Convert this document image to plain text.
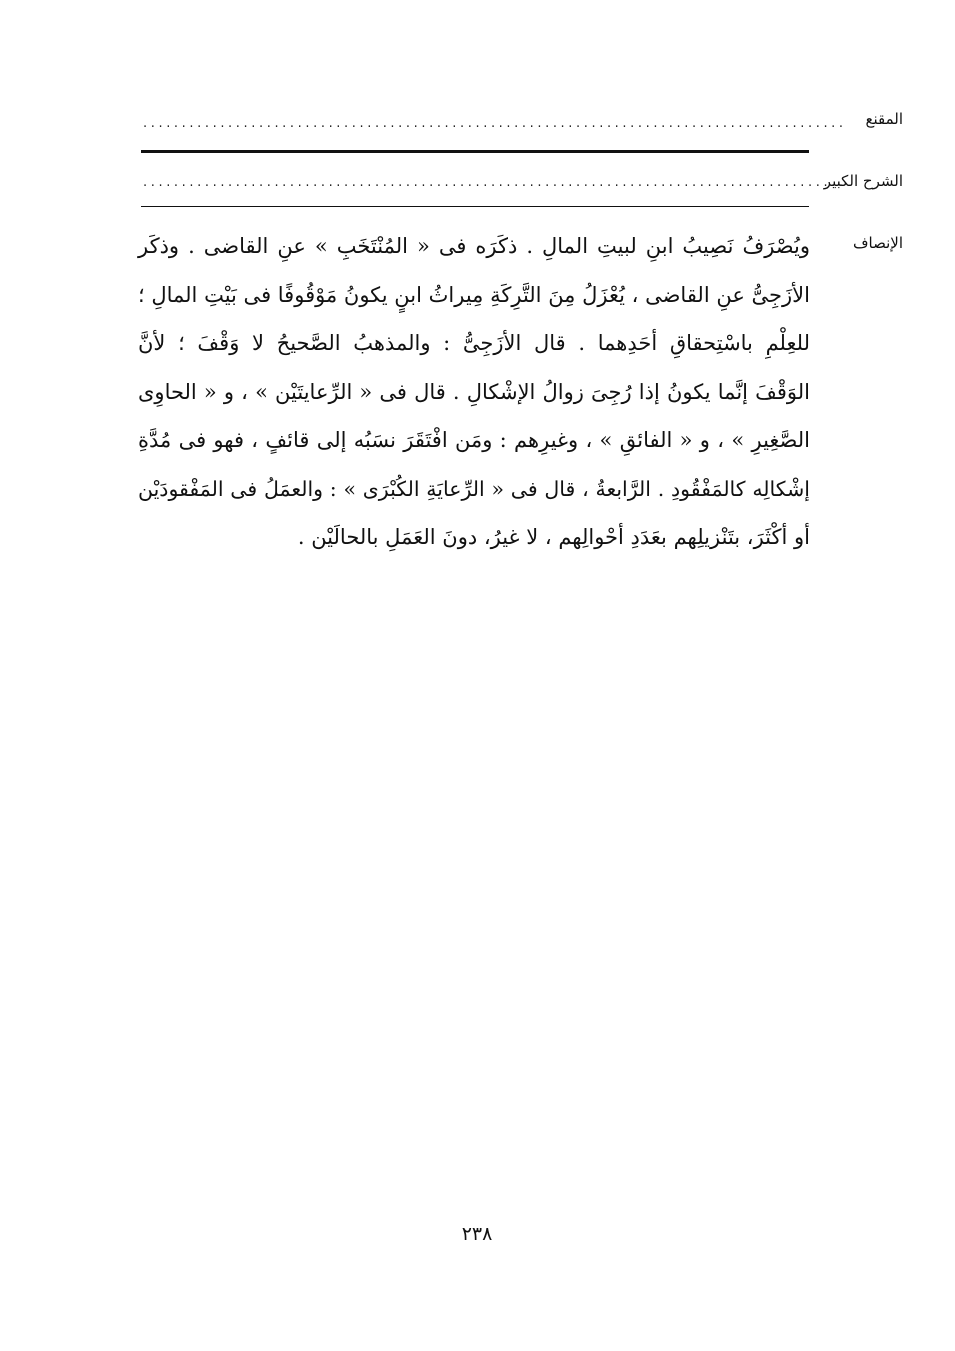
المقنع
...........................................................................................
الشرح الكبير
...........................................................................................
الإنصاف
ويُصْرَفُ نَصِيبُ ابنِ لبيتِ المالِ . ذكَرَه فى « المُنْتَخَبِ » عنِ القاضى . وذكَر
الأزَجِىُّ عنِ القاضى ، يُعْزَلُ مِنَ التَّرِكَةِ مِيراثُ ابنٍ يكونُ مَوْقُوفًا فى بَيْتِ المالِ ؛
للعِلْمِ باسْتِحقاقِ أحَدِهما . قال الأزَجِىُّ : والمذهبُ الصَّحيحُ لا وَقْفَ ؛ لأنَّ
الوَقْفَ إنَّما يكونُ إذا رُجِىَ زوالُ الإشْكالِ . قال فى « الرِّعايتَيْن » ، و « الحاوِى
الصَّغِيرِ » ، و « الفائقِ » ، وغيرِهم : ومَن افْتَقَرَ نسَبُه إلى قائفٍ ، فهو فى مُدَّةِ
إشْكالِه كالمَفْقُودِ . الرَّابعةُ ، قال فى « الرِّعايَةِ الكُبْرَى » : والعمَلُ فى المَفْقودَيْن
أو أكْثَرَ، بتَنْزيلِهم بعَدَدِ أحْوالِهم ، لا غيرُ، دونَ العَمَلِ بالحالَيْن .
٢٣٨
